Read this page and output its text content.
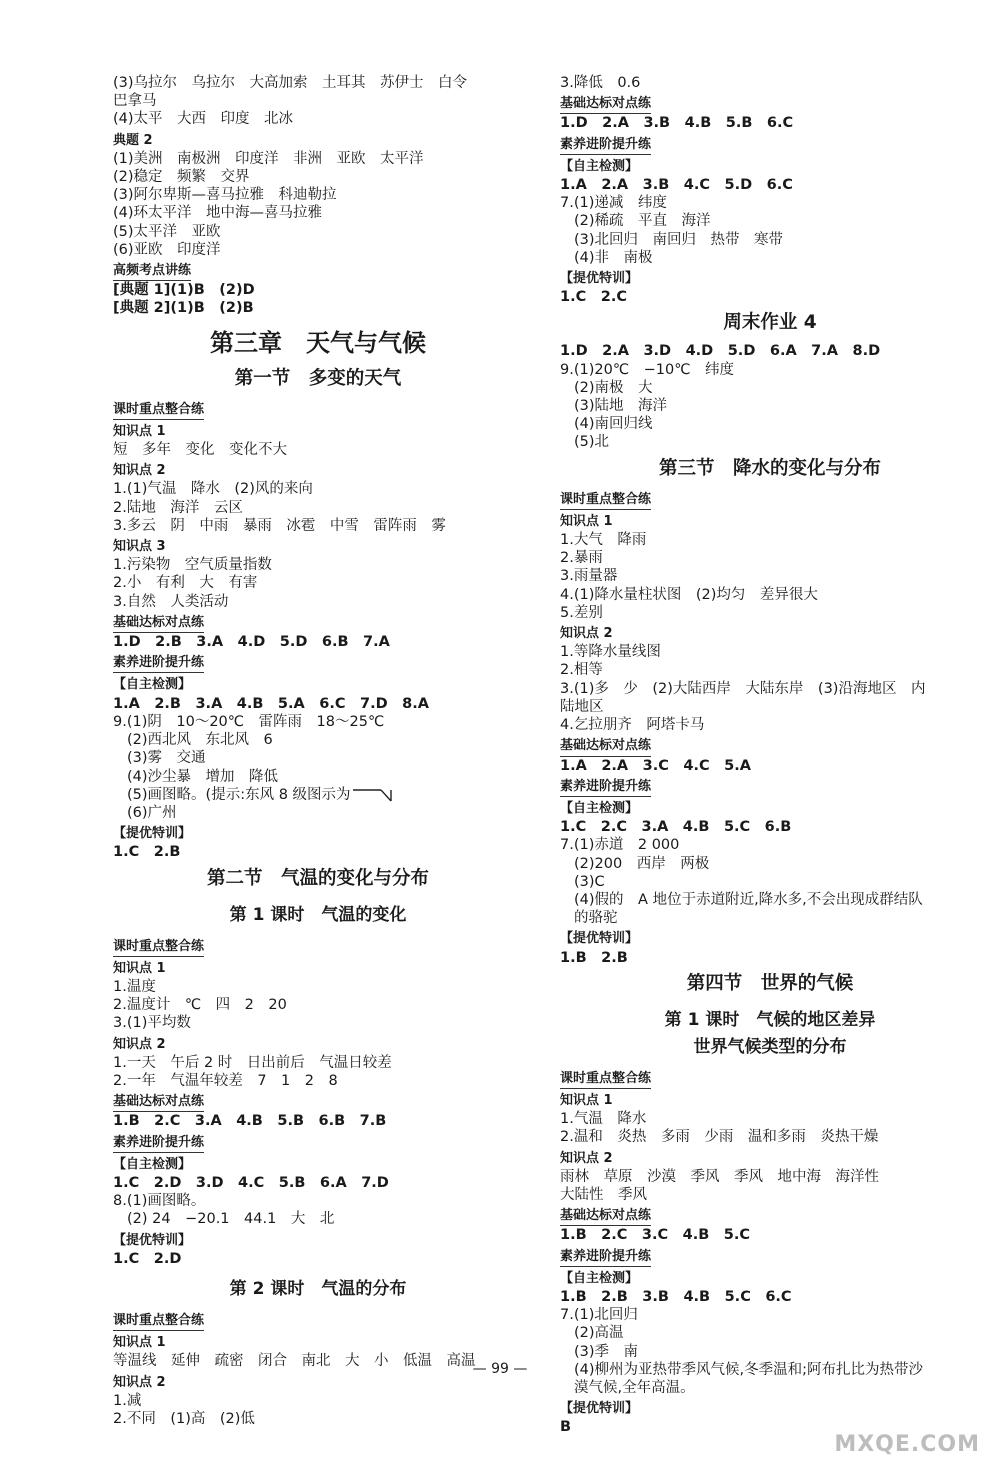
(3)乌拉尔　乌拉尔　大高加索　土耳其　苏伊士　白令
巴拿马
(4)太平　大西　印度　北冰
典题 2
(1)美洲　南极洲　印度洋　非洲　亚欧　太平洋
(2)稳定　频繁　交界
(3)阿尔卑斯—喜马拉雅　科迪勒拉
(4)环太平洋　地中海—喜马拉雅
(5)太平洋　亚欧
(6)亚欧　印度洋
高频考点讲练
[典题 1](1)B　(2)D
[典题 2](1)B　(2)B
第三章　天气与气候
第一节　多变的天气
课时重点整合练
知识点 1
短　多年　变化　变化不大
知识点 2
1.(1)气温　降水　(2)风的来向
2.陆地　海洋　云区
3.多云　阴　中雨　暴雨　冰雹　中雪　雷阵雨　雾
知识点 3
1.污染物　空气质量指数
2.小　有利　大　有害
3.自然　人类活动
基础达标对点练
1.D　2.B　3.A　4.D　5.D　6.B　7.A
素养进阶提升练
【自主检测】
1.A　2.B　3.A　4.B　5.A　6.C　7.D　8.A
9.(1)阴　10～20℃　雷阵雨　18～25℃
(2)西北风　东北风　6
(3)雾　交通
(4)沙尘暴　增加　降低
(5)画图略。(提示:东风 8 级图示为
(6)广州
【提优特训】
1.C　2.B
第二节　气温的变化与分布
第 1 课时　气温的变化
课时重点整合练
知识点 1
1.温度
2.温度计　℃　四　2　20
3.(1)平均数
知识点 2
1.一天　午后 2 时　日出前后　气温日较差
2.一年　气温年较差　7　1　2　8
基础达标对点练
1.B　2.C　3.A　4.B　5.B　6.B　7.B
素养进阶提升练
【自主检测】
1.C　2.D　3.D　4.C　5.B　6.A　7.D
8.(1)画图略。
(2) 24　−20.1　44.1　大　北
【提优特训】
1.C　2.D
第 2 课时　气温的分布
课时重点整合练
知识点 1
等温线　延伸　疏密　闭合　南北　大　小　低温　高温
知识点 2
1.减
2.不同　(1)高　(2)低
3.降低　0.6
基础达标对点练
1.D　2.A　3.B　4.B　5.B　6.C
素养进阶提升练
【自主检测】
1.A　2.A　3.B　4.C　5.D　6.C
7.(1)递减　纬度
(2)稀疏　平直　海洋
(3)北回归　南回归　热带　寒带
(4)非　南极
【提优特训】
1.C　2.C
周末作业 4
1.D　2.A　3.D　4.D　5.D　6.A　7.A　8.D
9.(1)20℃　−10℃　纬度
(2)南极　大
(3)陆地　海洋
(4)南回归线
(5)北
第三节　降水的变化与分布
课时重点整合练
知识点 1
1.大气　降雨
2.暴雨
3.雨量器
4.(1)降水量柱状图　(2)均匀　差异很大
5.差别
知识点 2
1.等降水量线图
2.相等
3.(1)多　少　(2)大陆西岸　大陆东岸　(3)沿海地区　内
陆地区
4.乞拉朋齐　阿塔卡马
基础达标对点练
1.A　2.A　3.C　4.C　5.A
素养进阶提升练
【自主检测】
1.C　2.C　3.A　4.B　5.C　6.B
7.(1)赤道　2 000
(2)200　西岸　两极
(3)C
(4)假的　A 地位于赤道附近,降水多,不会出现成群结队
的骆驼
【提优特训】
1.B　2.B
第四节　世界的气候
第 1 课时　气候的地区差异
世界气候类型的分布
课时重点整合练
知识点 1
1.气温　降水
2.温和　炎热　多雨　少雨　温和多雨　炎热干燥
知识点 2
雨林　草原　沙漠　季风　季风　地中海　海洋性
大陆性　季风
基础达标对点练
1.B　2.C　3.C　4.B　5.C
素养进阶提升练
【自主检测】
1.B　2.B　3.B　4.B　5.C　6.C
7.(1)北回归
(2)高温
(3)季　南
(4)柳州为亚热带季风气候,冬季温和;阿布扎比为热带沙
漠气候,全年高温。
【提优特训】
B
— 99 —
MXQE.COM
